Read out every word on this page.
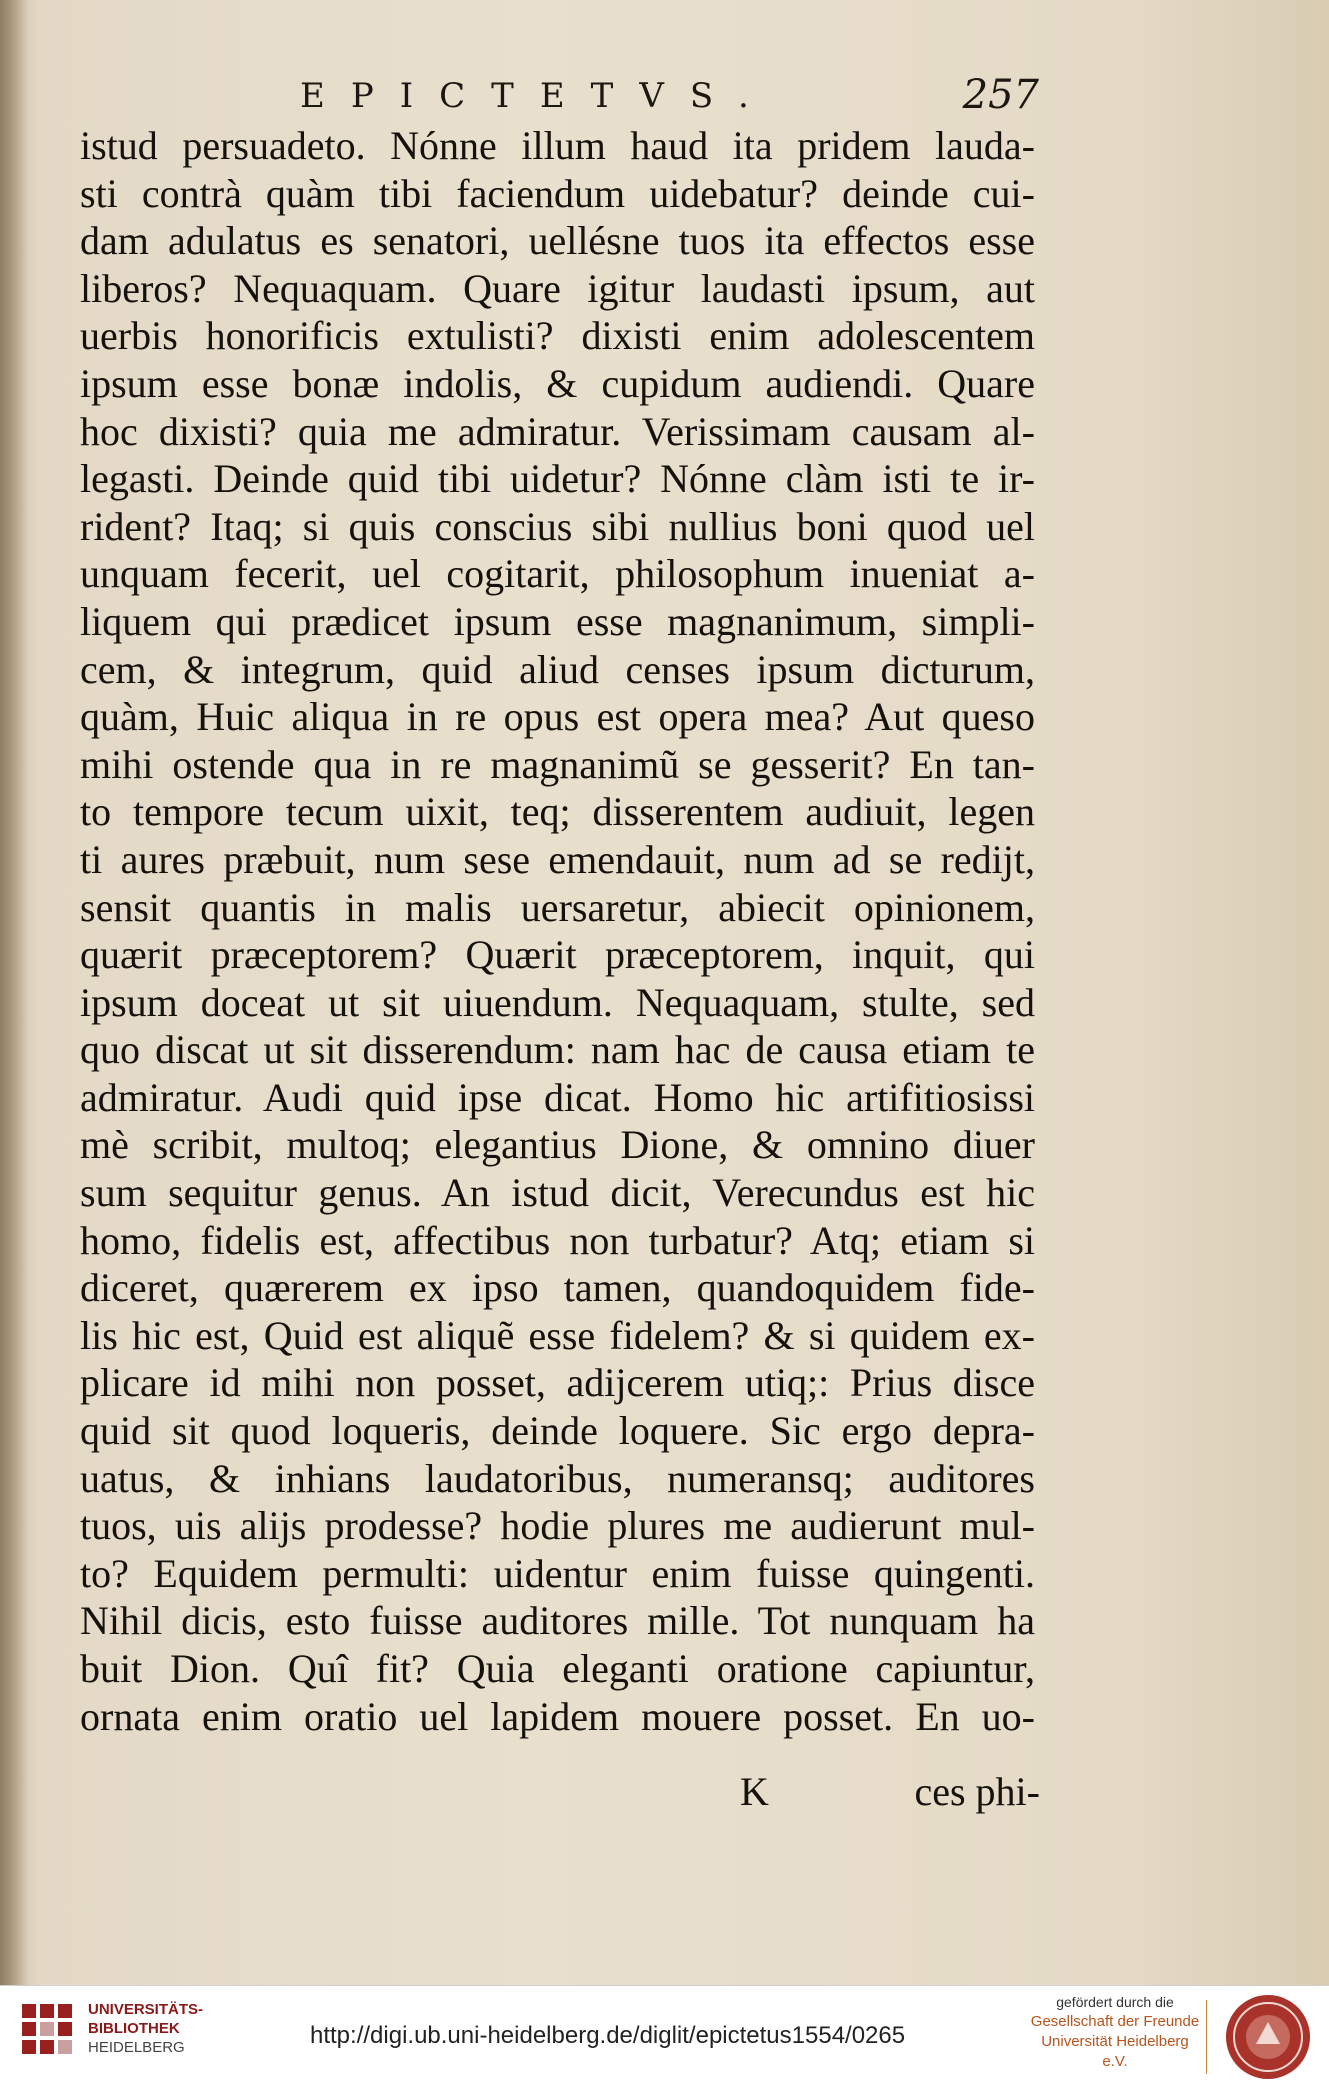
EPICTETVS.	257
istud persuadeto. Nónne illum haud ita pridem lauda-
sti contrà quàm tibi faciendum uidebatur? deinde cui-
dam adulatus es senatori, uellésne tuos ita effectos esse
liberos? Nequaquam. Quare igitur laudasti ipsum, aut
uerbis honorificis extulisti? dixisti enim adolescentem
ipsum esse bonæ indolis, & cupidum audiendi. Quare
hoc dixisti? quia me admiratur. Verissimam causam al-
legasti. Deinde quid tibi uidetur? Nónne clàm isti te ir-
rident? Itaq; si quis conscius sibi nullius boni quod uel
unquam fecerit, uel cogitarit, philosophum inueniat a-
liquem qui prædicet ipsum esse magnanimum, simpli-
cem, & integrum, quid aliud censes ipsum dicturum,
quàm, Huic aliqua in re opus est opera mea? Aut queso
mihi ostende qua in re magnanimũ se gesserit? En tan-
to tempore tecum uixit, teq; disserentem audiuit, legen
ti aures præbuit, num sese emendauit, num ad se redijt,
sensit quantis in malis uersaretur, abiecit opinionem,
quærit præceptorem? Quærit præceptorem, inquit, qui
ipsum doceat ut sit uiuendum. Nequaquam, stulte, sed
quo discat ut sit disserendum: nam hac de causa etiam te
admiratur. Audi quid ipse dicat. Homo hic artifitiosissi
mè scribit, multoq; elegantius Dione, & omnino diuer
sum sequitur genus. An istud dicit, Verecundus est hic
homo, fidelis est, affectibus non turbatur? Atq; etiam si
diceret, quærerem ex ipso tamen, quandoquidem fide-
lis hic est, Quid est aliquẽ esse fidelem? & si quidem ex-
plicare id mihi non posset, adijcerem utiq;: Prius disce
quid sit quod loqueris, deinde loquere. Sic ergo depra-
uatus, & inhians laudatoribus, numeransq; auditores
tuos, uis alijs prodesse? hodie plures me audierunt mul-
to? Equidem permulti: uidentur enim fuisse quingenti.
Nihil dicis, esto fuisse auditores mille. Tot nunquam ha
buit Dion. Quî fit? Quia eleganti oratione capiuntur,
ornata enim oratio uel lapidem mouere posset. En uo-
K	ces phi-

UNIVERSITÄTS-
BIBLIOTHEK
HEIDELBERG	http://digi.ub.uni-heidelberg.de/diglit/epictetus1554/0265
gefördert durch die
Gesellschaft der Freunde
Universität Heidelberg e.V.
